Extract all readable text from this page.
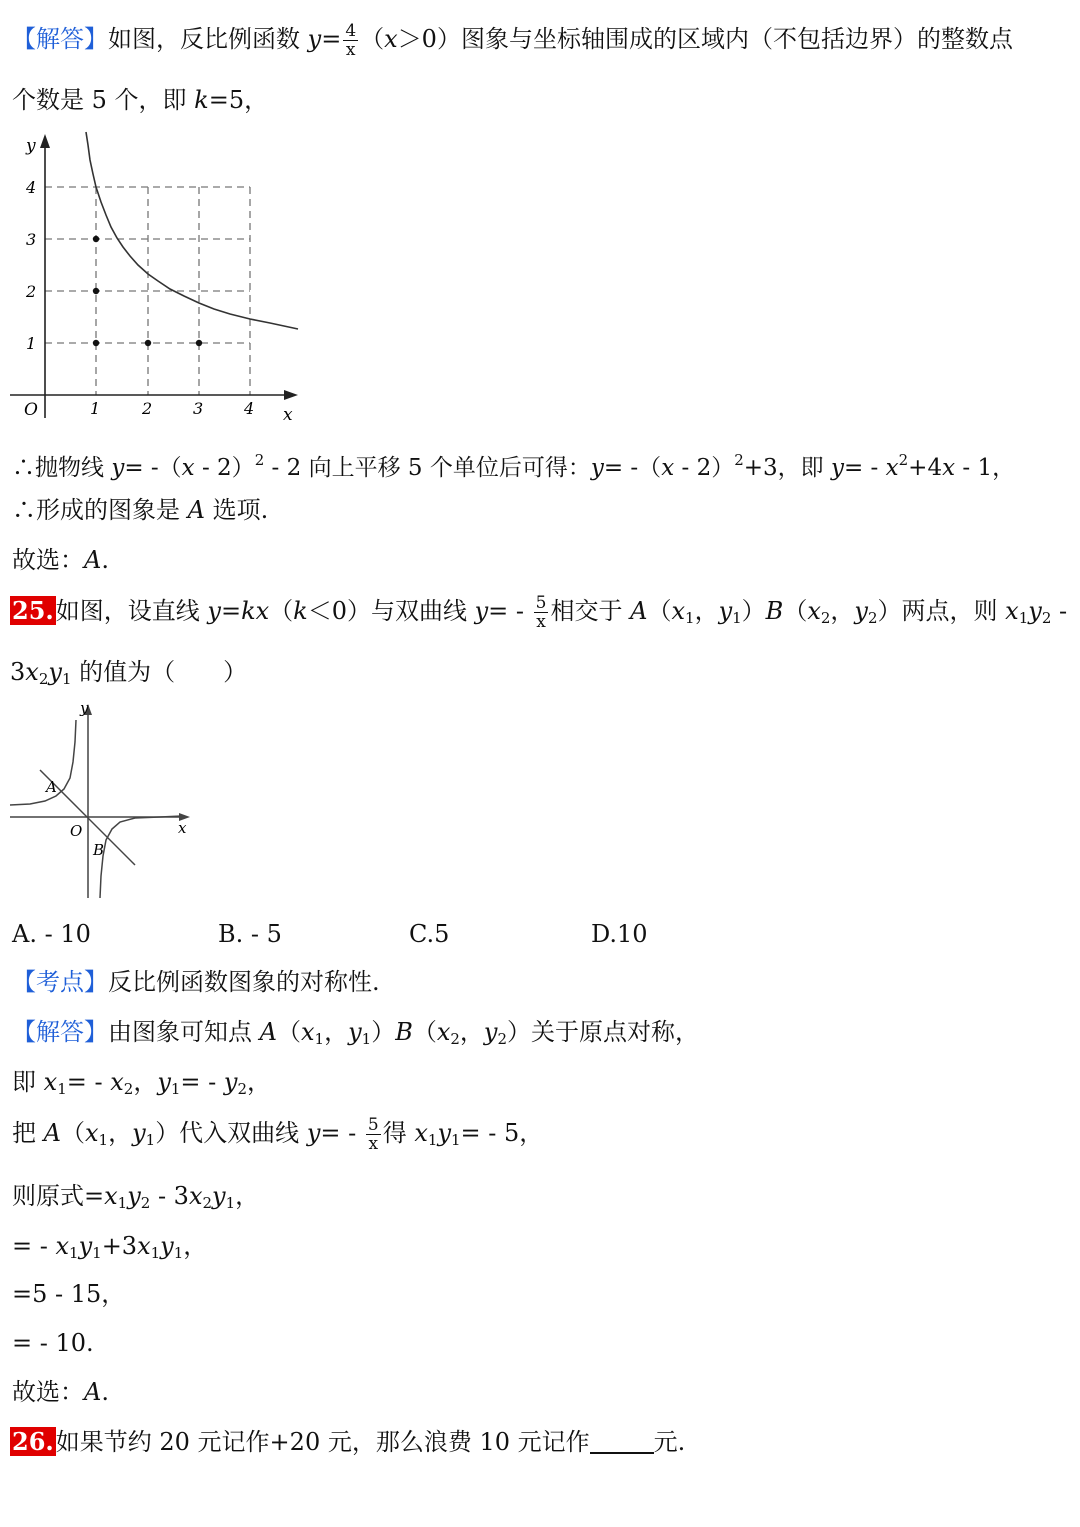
【解答】如图，反比例函数 $y= \frac{4}{x} (x>0)$图象与坐标轴围成的区域内（不包括边界）的整数点
个数是 5 个，即 k=5，
y
x
O	1	2	3	4
1
2
3
4
∴抛物线 y= -（x - 2）$^2$ - 2 向上平移 5 个单位后可得：y= -（x - 2）$^2$+3，即 $y= - x^2+4x - 1$，
∴形成的图象是 A 选项.
故选：A.
25.如图，设直线 y=kx（k＜0）与双曲线 $y= - \frac{5}{x}$ 相交于 $A(x_1$，$y_1)B(x_2$，$y_2$）两点，则 $x_1y_2$ -
$3x_2y_1$ 的值为（　　）
y
x
O
A
B
A. - 10	B. - 5	C.5	D.10
【考点】反比例函数图象的对称性.
【解答】由图象可知点 $A(x_1$，$y_1)B(x_2$，$y_2$）关于原点对称，
即 $x_1= - x_2$，$y_1= - y_2$，
把 $A(x_1$，$y_1$）代入双曲线 $y= - \frac{5}{x}$ 得 $x_1y_1= - 5$，
则原式$=x_1y_2 - 3x_2y_1$，
= - $x_1y_1+3x_1y_1$，
=5 - 15，
= - 10.
故选：A.
26.如果节约 20 元记作+20 元，那么浪费 10 元记作	元.
